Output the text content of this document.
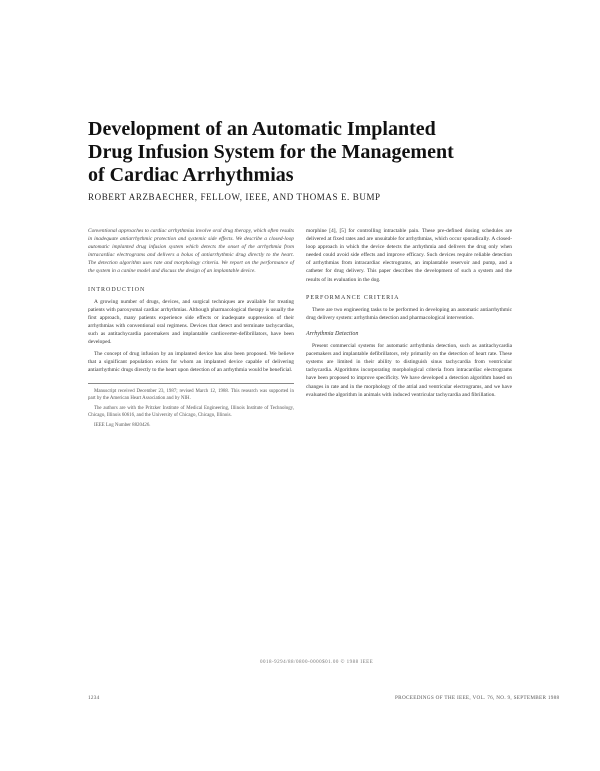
Development of an Automatic Implanted
Drug Infusion System for the Management
of Cardiac Arrhythmias
ROBERT ARZBAECHER, FELLOW, IEEE, AND THOMAS E. BUMP

Conventional approaches to cardiac arrhythmias involve oral drug therapy, which often results in inadequate antiarrhythmic protection and systemic side effects. We describe a closed-loop automatic implanted drug infusion system which detects the onset of the arrhythmia from intracardiac electrograms and delivers a bolus of antiarrhythmic drug directly to the heart. The detection algorithm uses rate and morphology criteria. We report on the performance of the system in a canine model and discuss the design of an implantable device.

INTRODUCTION

A growing number of drugs, devices, and surgical techniques are available for treating patients with paroxysmal cardiac arrhythmias. Although pharmacological therapy is usually the first approach, many patients experience side effects or inadequate suppression of their arrhythmias with conventional oral regimens. Devices that detect and terminate tachycardias, such as antitachycardia pacemakers and implantable cardioverter-defibrillators, have been developed.

The concept of drug infusion by an implanted device has also been proposed. We believe that a significant population exists for whom an implanted device capable of delivering antiarrhythmic drugs directly to the heart upon detection of an arrhythmia would be beneficial.

Manuscript received December 23, 1987; revised March 12, 1988. This research was supported in part by the American Heart Association and by NIH.

The authors are with the Pritzker Institute of Medical Engineering, Illinois Institute of Technology, Chicago, Illinois 60616, and the University of Chicago, Chicago, Illinois.

IEEE Log Number 8820426.

morphine [4], [5] for controlling intractable pain. These pre-defined dosing schedules are delivered at fixed rates and are unsuitable for arrhythmias, which occur sporadically. A closed-loop approach in which the device detects the arrhythmia and delivers the drug only when needed could avoid side effects and improve efficacy. Such devices require reliable detection of arrhythmias from intracardiac electrograms, an implantable reservoir and pump, and a catheter for drug delivery. This paper describes the development of such a system and the results of its evaluation in the dog.

PERFORMANCE CRITERIA

There are two engineering tasks to be performed in developing an automatic antiarrhythmic drug delivery system: arrhythmia detection and pharmacological intervention.

Arrhythmia Detection

Present commercial systems for automatic arrhythmia detection, such as antitachycardia pacemakers and implantable defibrillators, rely primarily on the detection of heart rate. These systems are limited in their ability to distinguish sinus tachycardia from ventricular tachycardia. Algorithms incorporating morphological criteria from intracardiac electrograms have been proposed to improve specificity. We have developed a detection algorithm based on changes in rate and in the morphology of the atrial and ventricular electrograms, and we have evaluated the algorithm in animals with induced ventricular tachycardia and fibrillation.

0018-9294/88/0800-0000$01.00 © 1988 IEEE
1234	PROCEEDINGS OF THE IEEE, VOL. 76, NO. 9, SEPTEMBER 1988
